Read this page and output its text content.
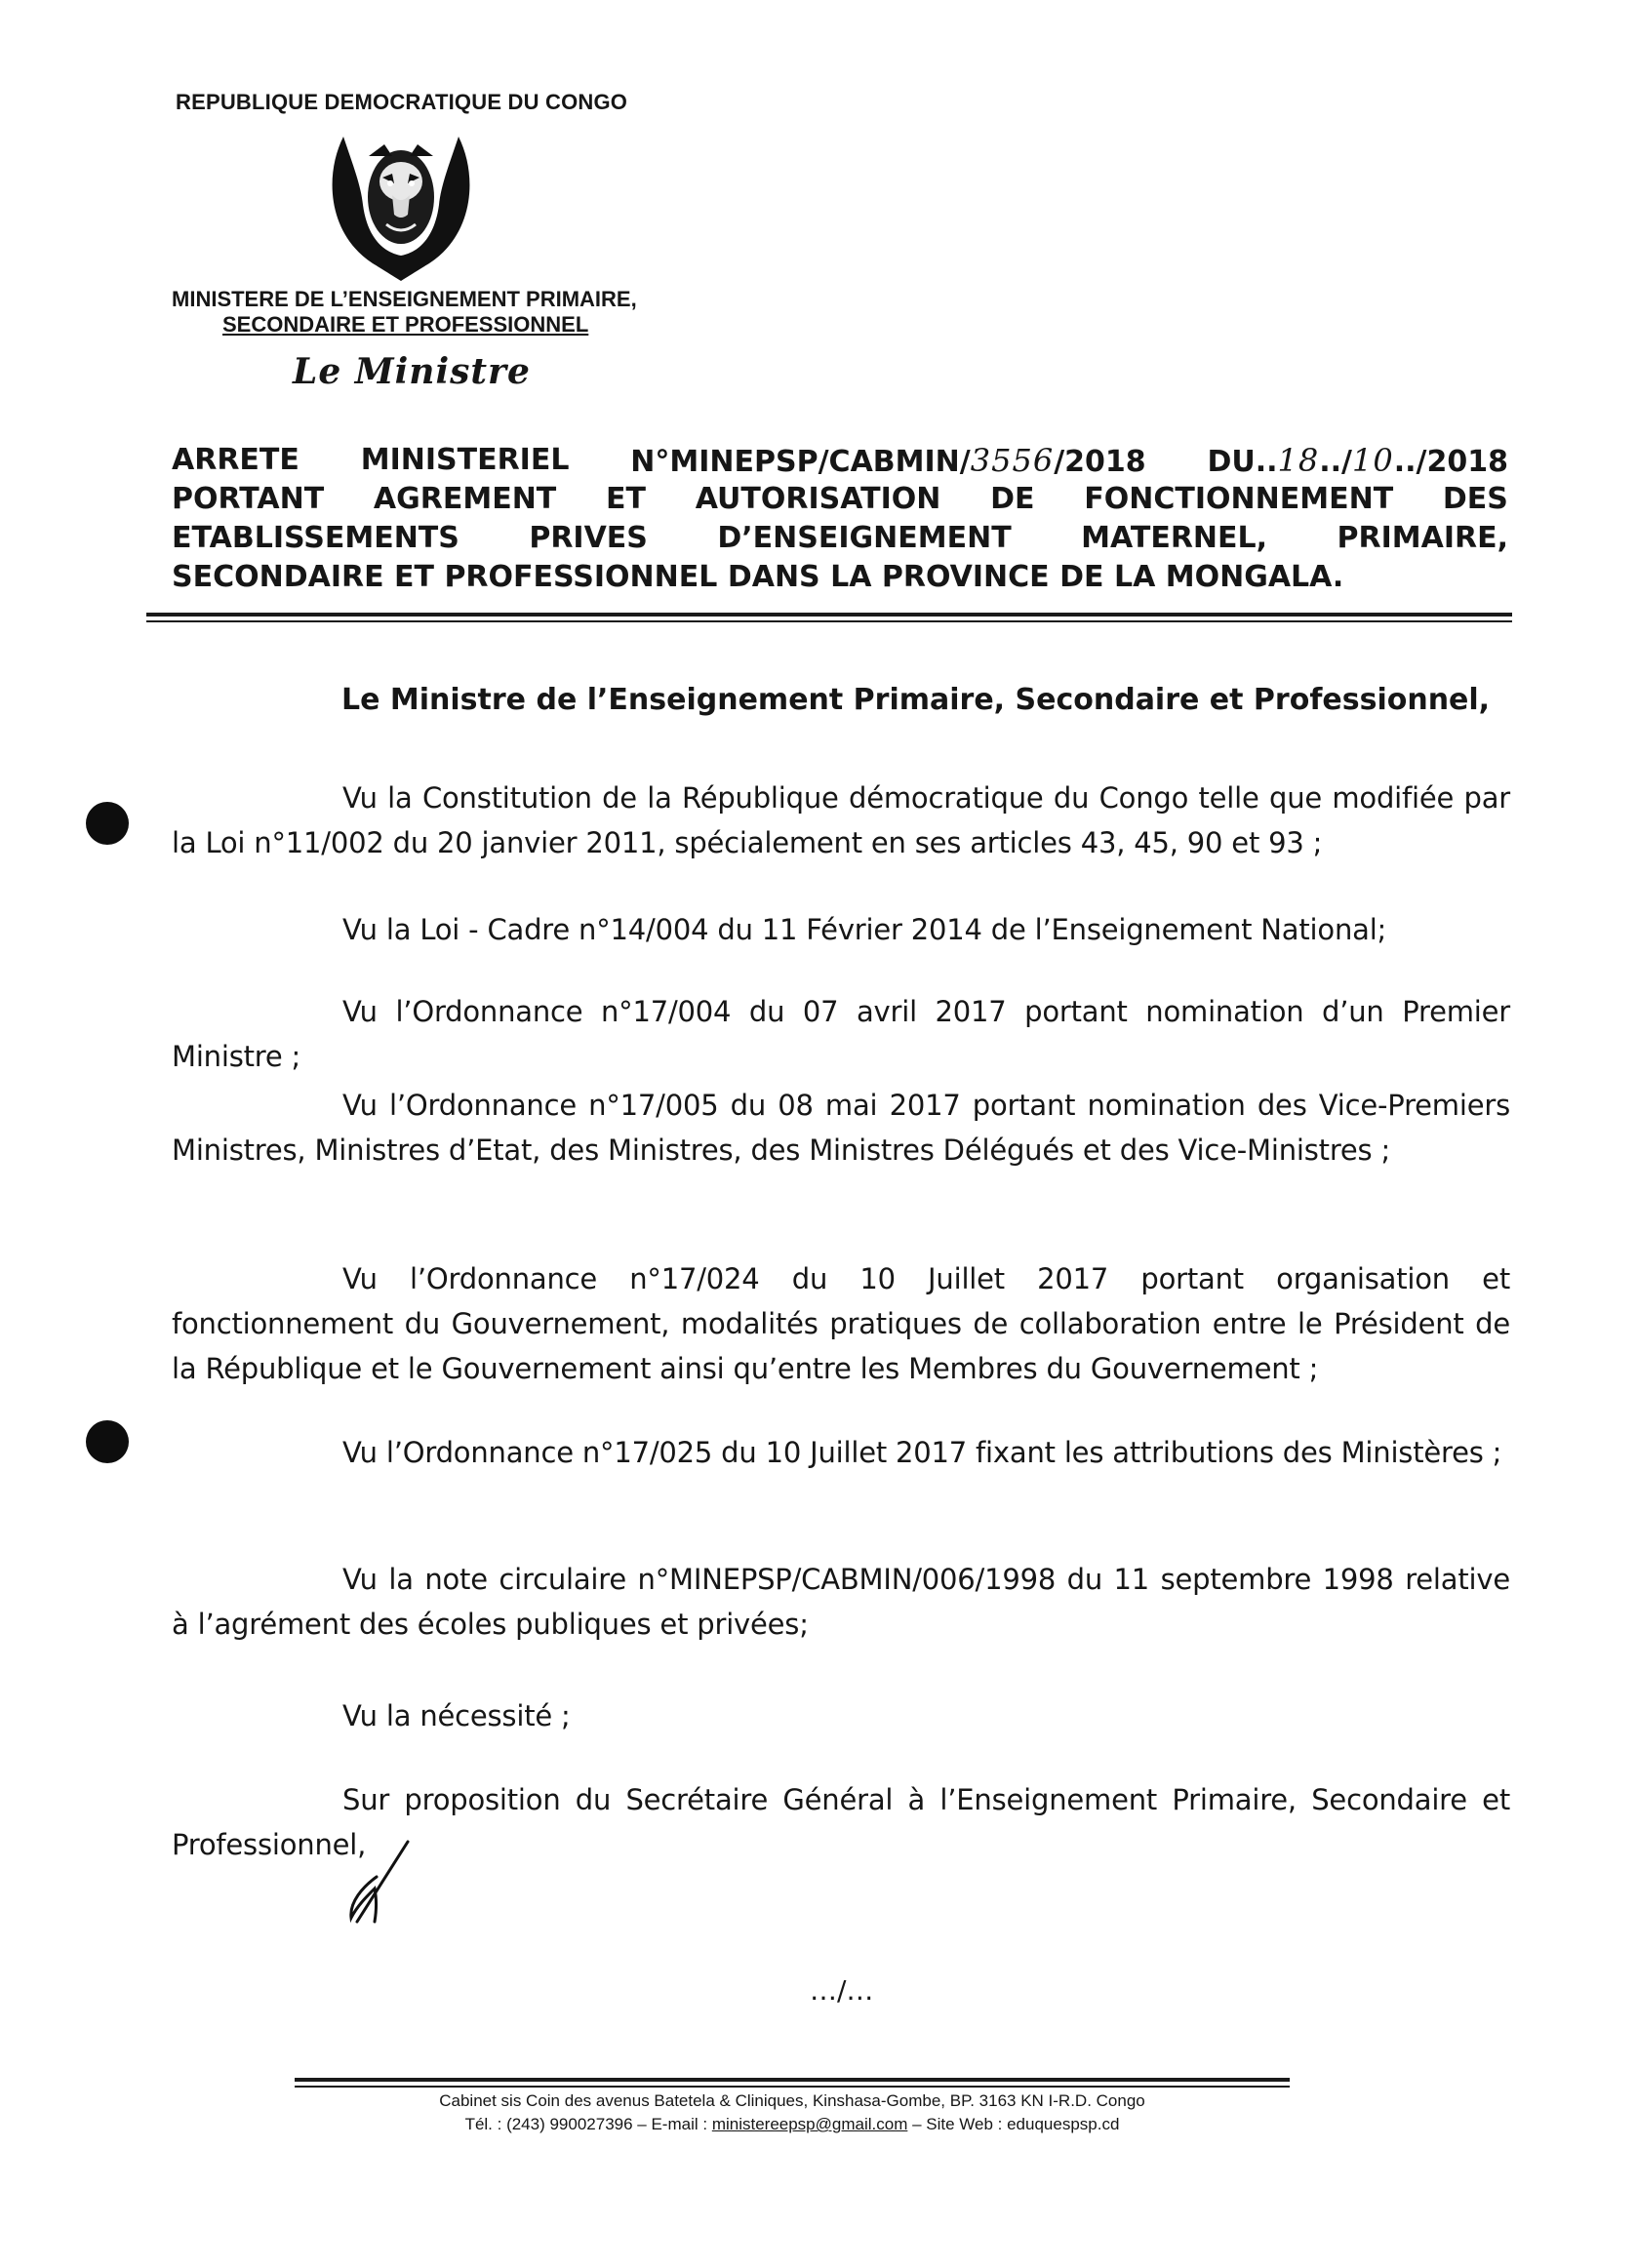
REPUBLIQUE DEMOCRATIQUE DU CONGO
MINISTERE DE L’ENSEIGNEMENT PRIMAIRE,
SECONDAIRE ET PROFESSIONNEL
Le Ministre
ARRETE MINISTERIEL N°MINEPSP/CABMIN/3556/2018 DU..18../10../2018
PORTANT AGREMENT ET AUTORISATION DE FONCTIONNEMENT DES
ETABLISSEMENTS PRIVES D’ENSEIGNEMENT MATERNEL, PRIMAIRE,
SECONDAIRE ET PROFESSIONNEL DANS LA PROVINCE DE LA MONGALA.
Le Ministre de l’Enseignement Primaire, Secondaire et Professionnel,
Vu la Constitution de la République démocratique du Congo telle que modifiée par la Loi n°11/002 du 20 janvier 2011, spécialement en ses articles 43, 45, 90 et 93 ;
Vu la Loi - Cadre n°14/004 du 11 Février 2014 de l’Enseignement National;
Vu l’Ordonnance n°17/004 du 07 avril 2017 portant nomination d’un Premier Ministre ;
Vu l’Ordonnance n°17/005 du 08 mai 2017 portant nomination des Vice-Premiers Ministres, Ministres d’Etat, des Ministres, des Ministres Délégués et des Vice-Ministres ;
Vu l’Ordonnance n°17/024 du 10 Juillet 2017 portant organisation et fonctionnement du Gouvernement, modalités pratiques de collaboration entre le Président de la République et le Gouvernement ainsi qu’entre les Membres du Gouvernement ;
Vu l’Ordonnance n°17/025 du 10 Juillet 2017 fixant les attributions des Ministères ;
Vu la note circulaire n°MINEPSP/CABMIN/006/1998 du 11 septembre 1998 relative à l’agrément des écoles publiques et privées;
Vu la nécessité ;
Sur proposition du Secrétaire Général à l’Enseignement Primaire, Secondaire et Professionnel,
…/…
Cabinet sis Coin des avenus Batetela & Cliniques, Kinshasa-Gombe, BP. 3163 KN I-R.D. Congo
Tél. : (243) 990027396 – E-mail : ministereepsp@gmail.com – Site Web : eduquespsp.cd
